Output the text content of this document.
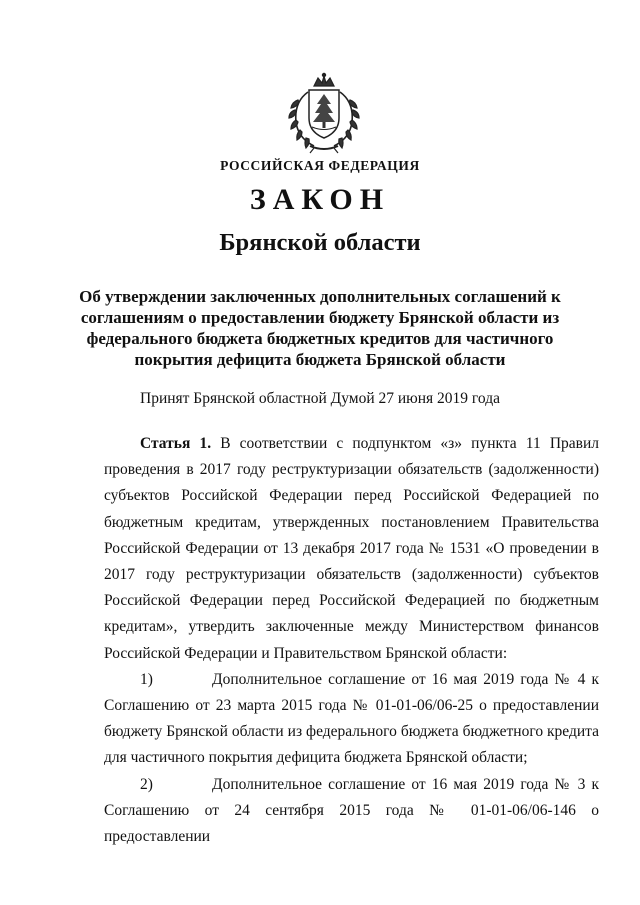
РОССИЙСКАЯ ФЕДЕРАЦИЯ
ЗАКОН
Брянской области
Об утверждении заключенных дополнительных соглашений к соглашениям о предоставлении бюджету Брянской области из федерального бюджета бюджетных кредитов для частичного покрытия дефицита бюджета Брянской области
Принят Брянской областной Думой 27 июня 2019 года

Статья 1. В соответствии с подпунктом «з» пункта 11 Правил проведения в 2017 году реструктуризации обязательств (задолженности) субъектов Российской Федерации перед Российской Федерацией по бюджетным кредитам, утвержденных постановлением Правительства Российской Федерации от 13 декабря 2017 года № 1531 «О проведении в 2017 году реструктуризации обязательств (задолженности) субъектов Российской Федерации перед Российской Федерацией по бюджетным кредитам», утвердить заключенные между Министерством финансов Российской Федерации и Правительством Брянской области:

1)	Дополнительное соглашение от 16 мая 2019 года № 4 к Соглашению от 23 марта 2015 года № 01-01-06/06-25 о предоставлении бюджету Брянской области из федерального бюджета бюджетного кредита для частичного покрытия дефицита бюджета Брянской области;

2)	Дополнительное соглашение от 16 мая 2019 года № 3 к Соглашению от 24 сентября 2015 года № 01-01-06/06-146 о предоставлении
